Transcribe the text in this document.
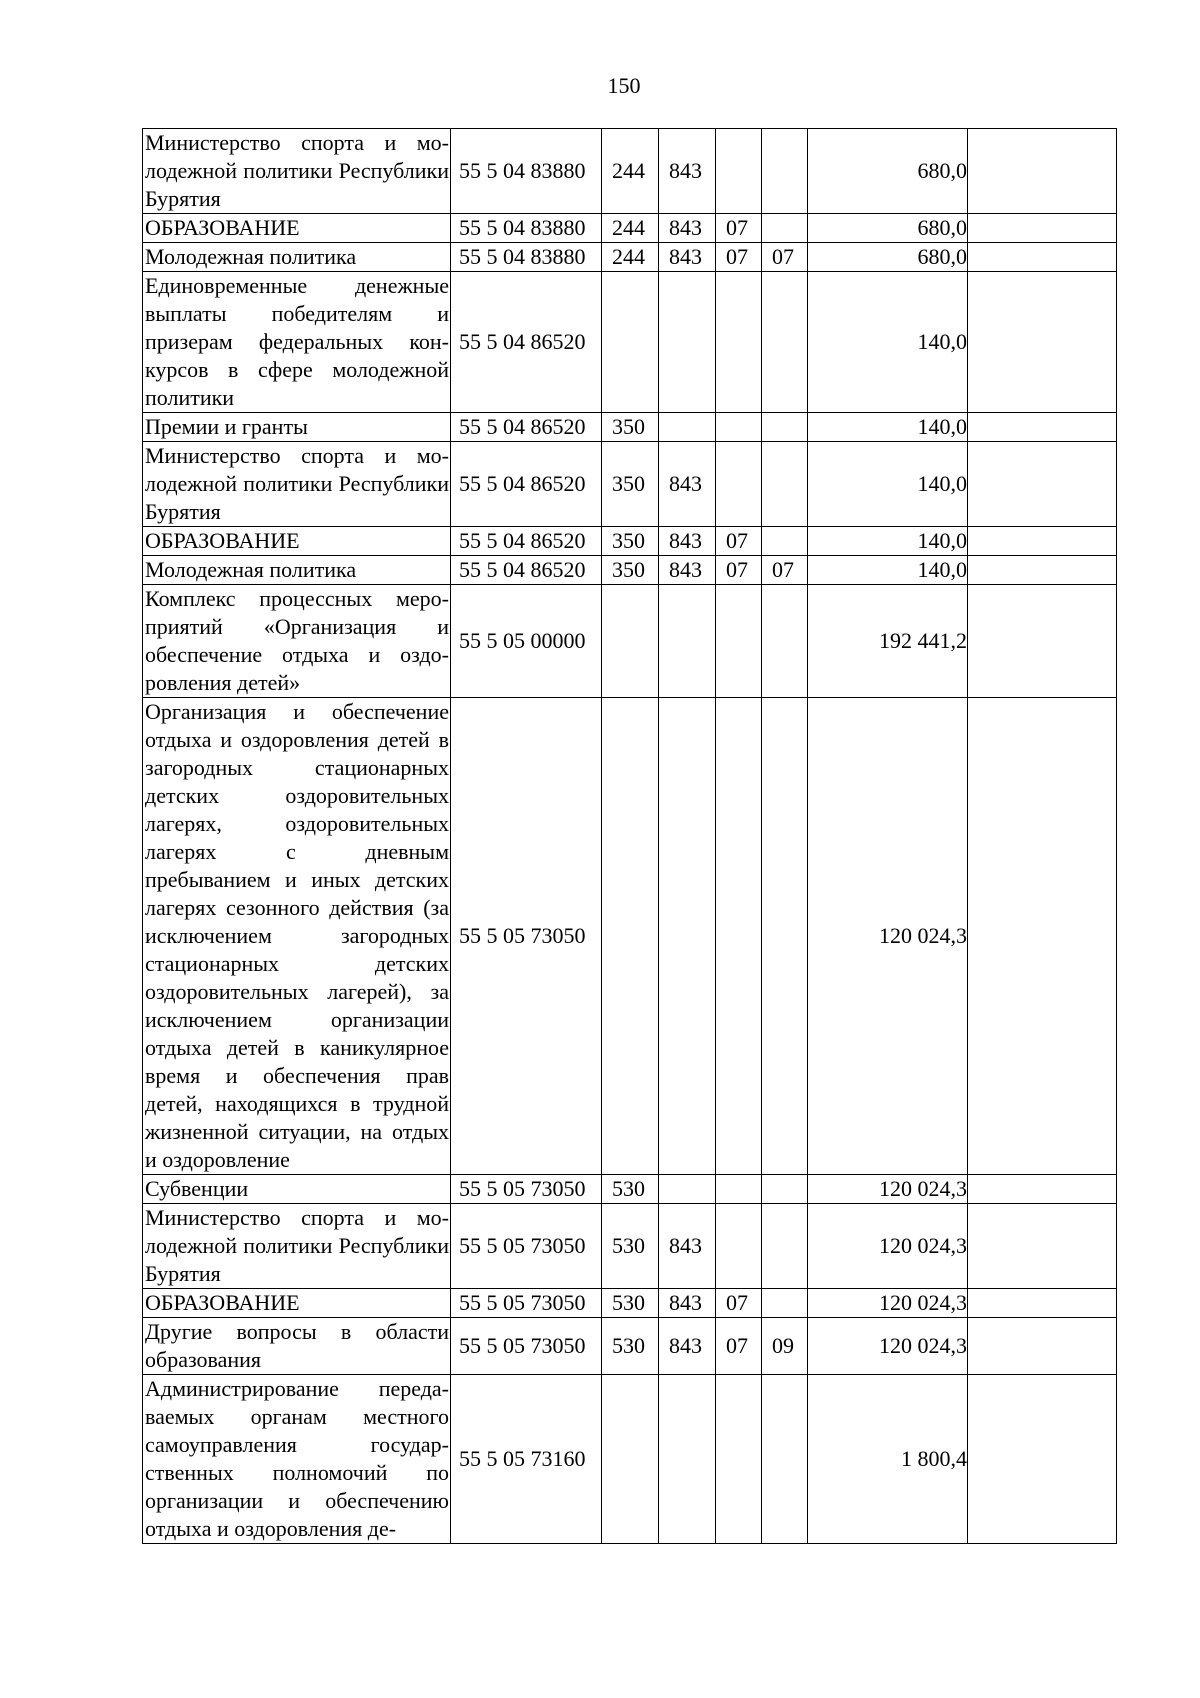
150
Министерство спорта и молодежной политики Республики Бурятия	55 5 04 83880	244	843			680,0	
ОБРАЗОВАНИЕ	55 5 04 83880	244	843	07		680,0	
Молодежная политика	55 5 04 83880	244	843	07	07	680,0	
Единовременные денежные выплаты победителям и призерам федеральных конкурсов в сфере молодежной политики	55 5 04 86520					140,0	
Премии и гранты	55 5 04 86520	350				140,0	
Министерство спорта и молодежной политики Республики Бурятия	55 5 04 86520	350	843			140,0	
ОБРАЗОВАНИЕ	55 5 04 86520	350	843	07		140,0	
Молодежная политика	55 5 04 86520	350	843	07	07	140,0	
Комплекс процессных мероприятий «Организация и обеспечение отдыха и оздоровления детей»	55 5 05 00000					192 441,2	
Организация и обеспечение отдыха и оздоровления детей в загородных стационарных детских оздоровительных лагерях, оздоровительных лагерях с дневным пребыванием и иных детских лагерях сезонного действия (за исключением загородных стационарных детских оздоровительных лагерей), за исключением организации отдыха детей в каникулярное время и обеспечения прав детей, находящихся в трудной жизненной ситуации, на отдых и оздоровление	55 5 05 73050					120 024,3	
Субвенции	55 5 05 73050	530				120 024,3	
Министерство спорта и молодежной политики Республики Бурятия	55 5 05 73050	530	843			120 024,3	
ОБРАЗОВАНИЕ	55 5 05 73050	530	843	07		120 024,3	
Другие вопросы в области образования	55 5 05 73050	530	843	07	09	120 024,3	
Администрирование передаваемых органам местного самоуправления государственных полномочий по организации и обеспечению отдыха и оздоровления де-	55 5 05 73160					1 800,4	
